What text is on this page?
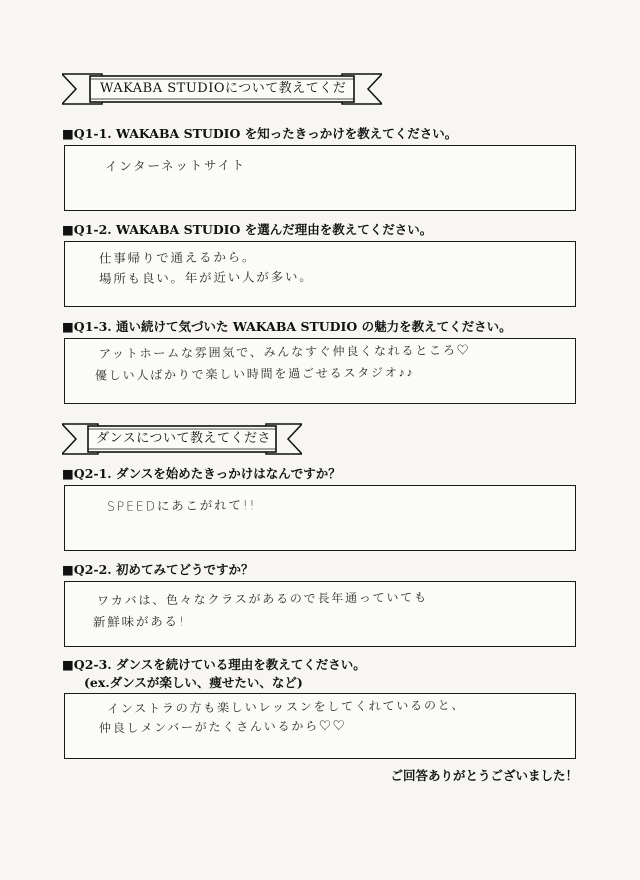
WAKABA STUDIOについて教えてくだ
■Q1-1. WAKABA STUDIO を知ったきっかけを教えてください。
インターネットサイト
■Q1-2. WAKABA STUDIO を選んだ理由を教えてください。
仕事帰りで通えるから。
場所も良い。年が近い人が多い。
■Q1-3. 通い続けて気づいた WAKABA STUDIO の魅力を教えてください。
アットホームな雰囲気で、みんなすぐ仲良くなれるところ♡
優しい人ばかりで楽しい時間を過ごせるスタジオ♪♪
ダンスについて教えてくださ
■Q2-1. ダンスを始めたきっかけはなんですか？
SPEEDにあこがれて!!
■Q2-2. 初めてみてどうですか？
ワカバは、色々なクラスがあるので長年通っていても
新鮮味がある!
■Q2-3. ダンスを続けている理由を教えてください。
(ex.ダンスが楽しい、痩せたい、など)
インストラの方も楽しいレッスンをしてくれているのと、
仲良しメンバーがたくさんいるから♡♡
ご回答ありがとうございました！
